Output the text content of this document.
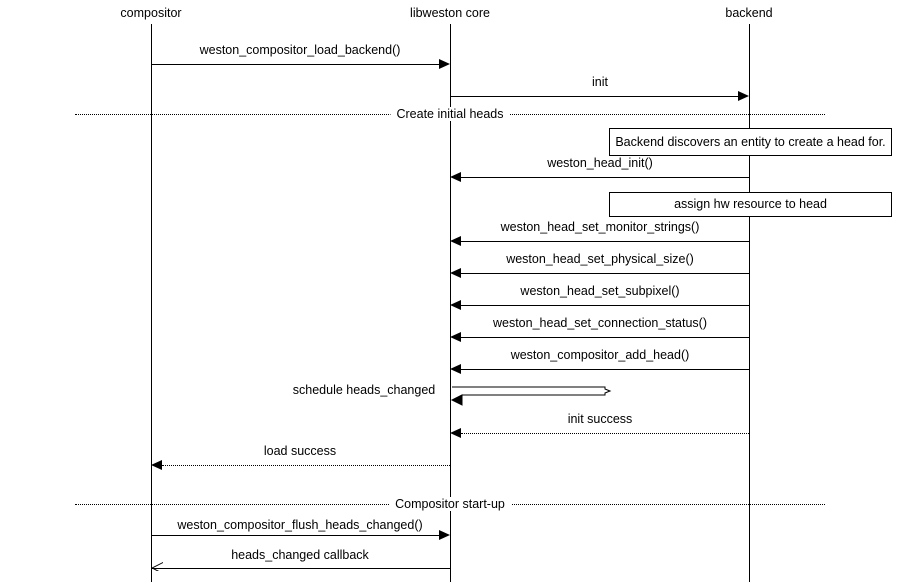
compositor	libweston core	backend
weston_compositor_load_backend()
init
Create initial heads
Backend discovers an entity to create a head for.
weston_head_init()
assign hw resource to head
weston_head_set_monitor_strings()
weston_head_set_physical_size()
weston_head_set_subpixel()
weston_head_set_connection_status()
weston_compositor_add_head()
schedule heads_changed
init success
load success
Compositor start-up
weston_compositor_flush_heads_changed()
heads_changed callback
